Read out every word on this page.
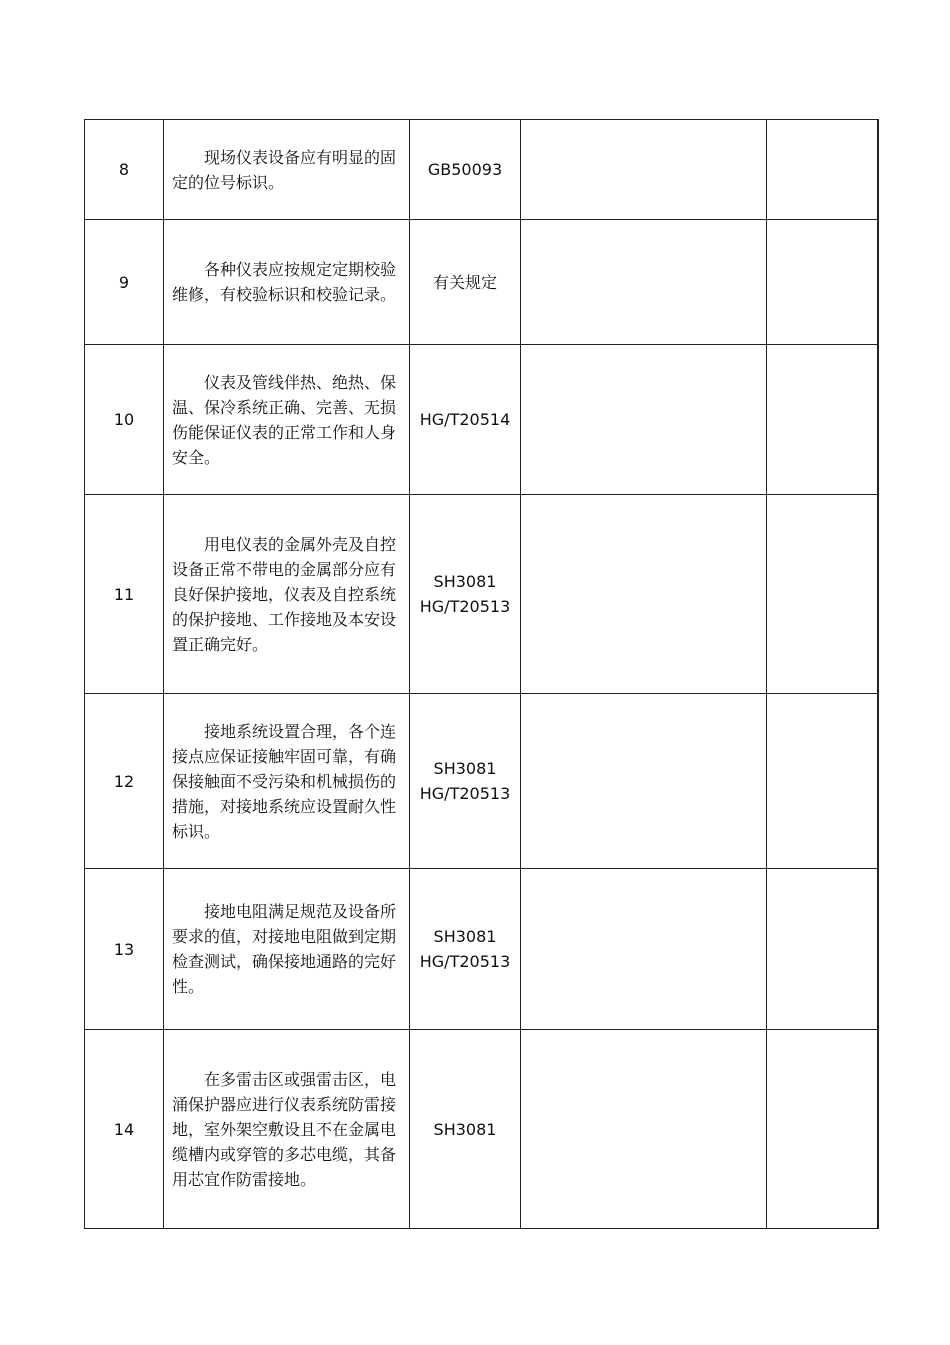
8	现场仪表设备应有明显的固定的位号标识。	GB50093		

9	各种仪表应按规定定期校验维修，有校验标识和校验记录。	有关规定		

10	仪表及管线伴热、绝热、保温、保冷系统正确、完善、无损伤能保证仪表的正常工作和人身安全。	HG/T20514		

11	用电仪表的金属外壳及自控设备正常不带电的金属部分应有良好保护接地，仪表及自控系统的保护接地、工作接地及本安设置正确完好。	SH3081
HG/T20513		

12	接地系统设置合理，各个连接点应保证接触牢固可靠，有确保接触面不受污染和机械损伤的措施，对接地系统应设置耐久性标识。	SH3081
HG/T20513		

13	接地电阻满足规范及设备所要求的值，对接地电阻做到定期检查测试，确保接地通路的完好性。	SH3081
HG/T20513		

14	在多雷击区或强雷击区，电涌保护器应进行仪表系统防雷接地，室外架空敷设且不在金属电缆槽内或穿管的多芯电缆，其备用芯宜作防雷接地。	SH3081		
